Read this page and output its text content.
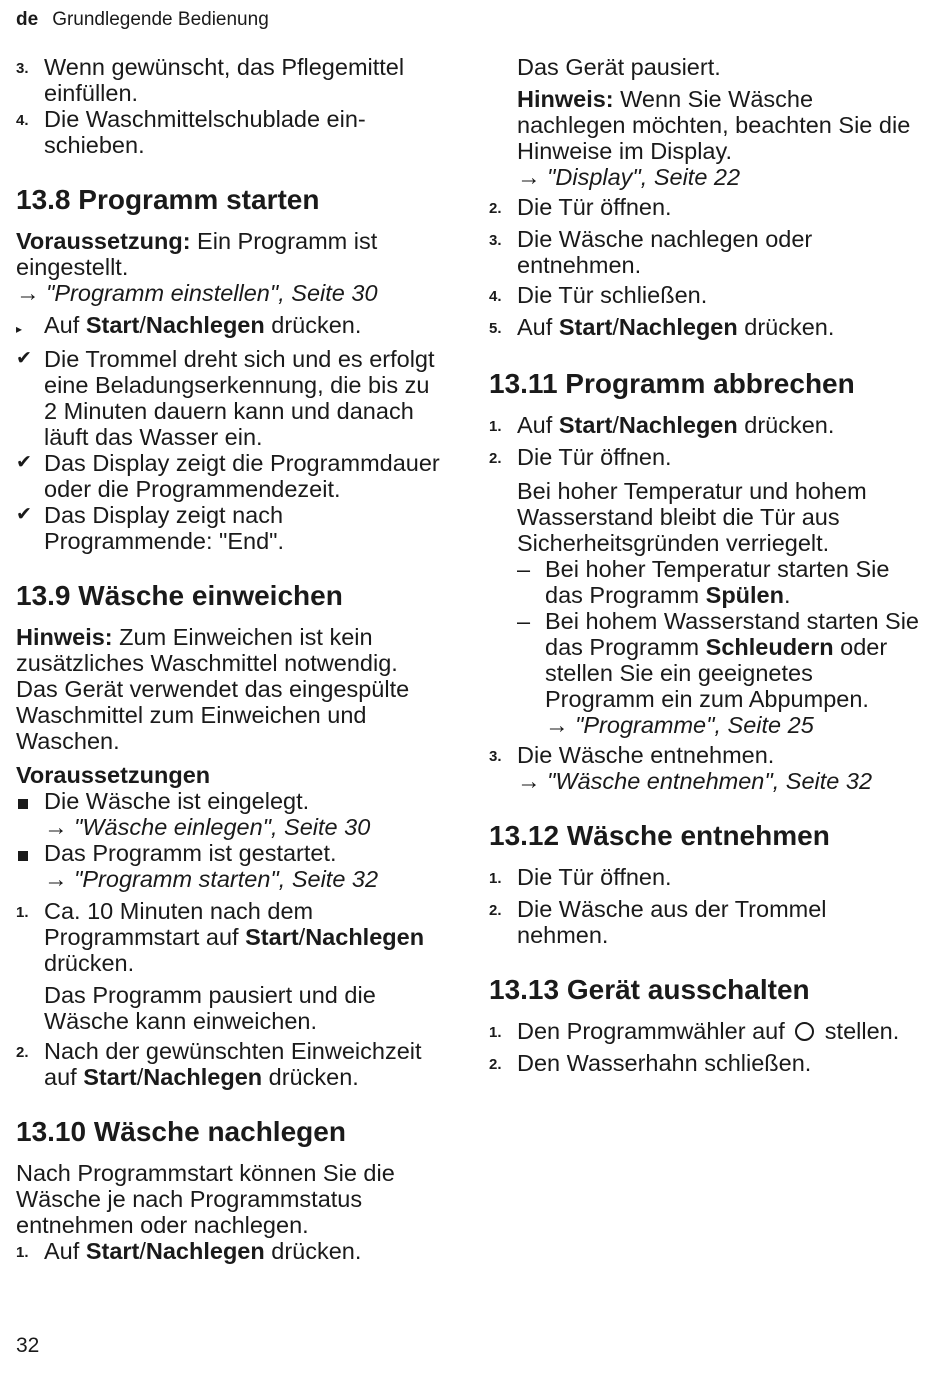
de Grundlegende Bedienung
3. Wenn gewünscht, das Pflegemittel einfüllen.
4. Die Waschmittelschublade ein-schieben.
13.8 Programm starten
Voraussetzung: Ein Programm ist eingestellt.
→ "Programm einstellen", Seite 30
▸ Auf Start/Nachlegen drücken.
✔ Die Trommel dreht sich und es erfolgt eine Beladungserkennung, die bis zu 2 Minuten dauern kann und danach läuft das Wasser ein.
✔ Das Display zeigt die Programmdauer oder die Programmendezeit.
✔ Das Display zeigt nach Programmende: "End".
13.9 Wäsche einweichen
Hinweis: Zum Einweichen ist kein zusätzliches Waschmittel notwendig. Das Gerät verwendet das eingespülte Waschmittel zum Einweichen und Waschen.
Voraussetzungen
Die Wäsche ist eingelegt.
→ "Wäsche einlegen", Seite 30
Das Programm ist gestartet.
→ "Programm starten", Seite 32
1. Ca. 10 Minuten nach dem Programmstart auf Start/Nachlegen drücken.
Das Programm pausiert und die Wäsche kann einweichen.
2. Nach der gewünschten Einweichzeit auf Start/Nachlegen drücken.
13.10 Wäsche nachlegen
Nach Programmstart können Sie die Wäsche je nach Programmstatus entnehmen oder nachlegen.
1. Auf Start/Nachlegen drücken.
Das Gerät pausiert.
Hinweis: Wenn Sie Wäsche nachlegen möchten, beachten Sie die Hinweise im Display.
→ "Display", Seite 22
2. Die Tür öffnen.
3. Die Wäsche nachlegen oder entnehmen.
4. Die Tür schließen.
5. Auf Start/Nachlegen drücken.
13.11 Programm abbrechen
1. Auf Start/Nachlegen drücken.
2. Die Tür öffnen.
Bei hoher Temperatur und hohem Wasserstand bleibt die Tür aus Sicherheitsgründen verriegelt.
– Bei hoher Temperatur starten Sie das Programm Spülen.
– Bei hohem Wasserstand starten Sie das Programm Schleudern oder stellen Sie ein geeignetes Programm ein zum Abpumpen.
→ "Programme", Seite 25
3. Die Wäsche entnehmen.
→ "Wäsche entnehmen", Seite 32
13.12 Wäsche entnehmen
1. Die Tür öffnen.
2. Die Wäsche aus der Trommel nehmen.
13.13 Gerät ausschalten
1. Den Programmwähler auf  stellen.
2. Den Wasserhahn schließen.
32
